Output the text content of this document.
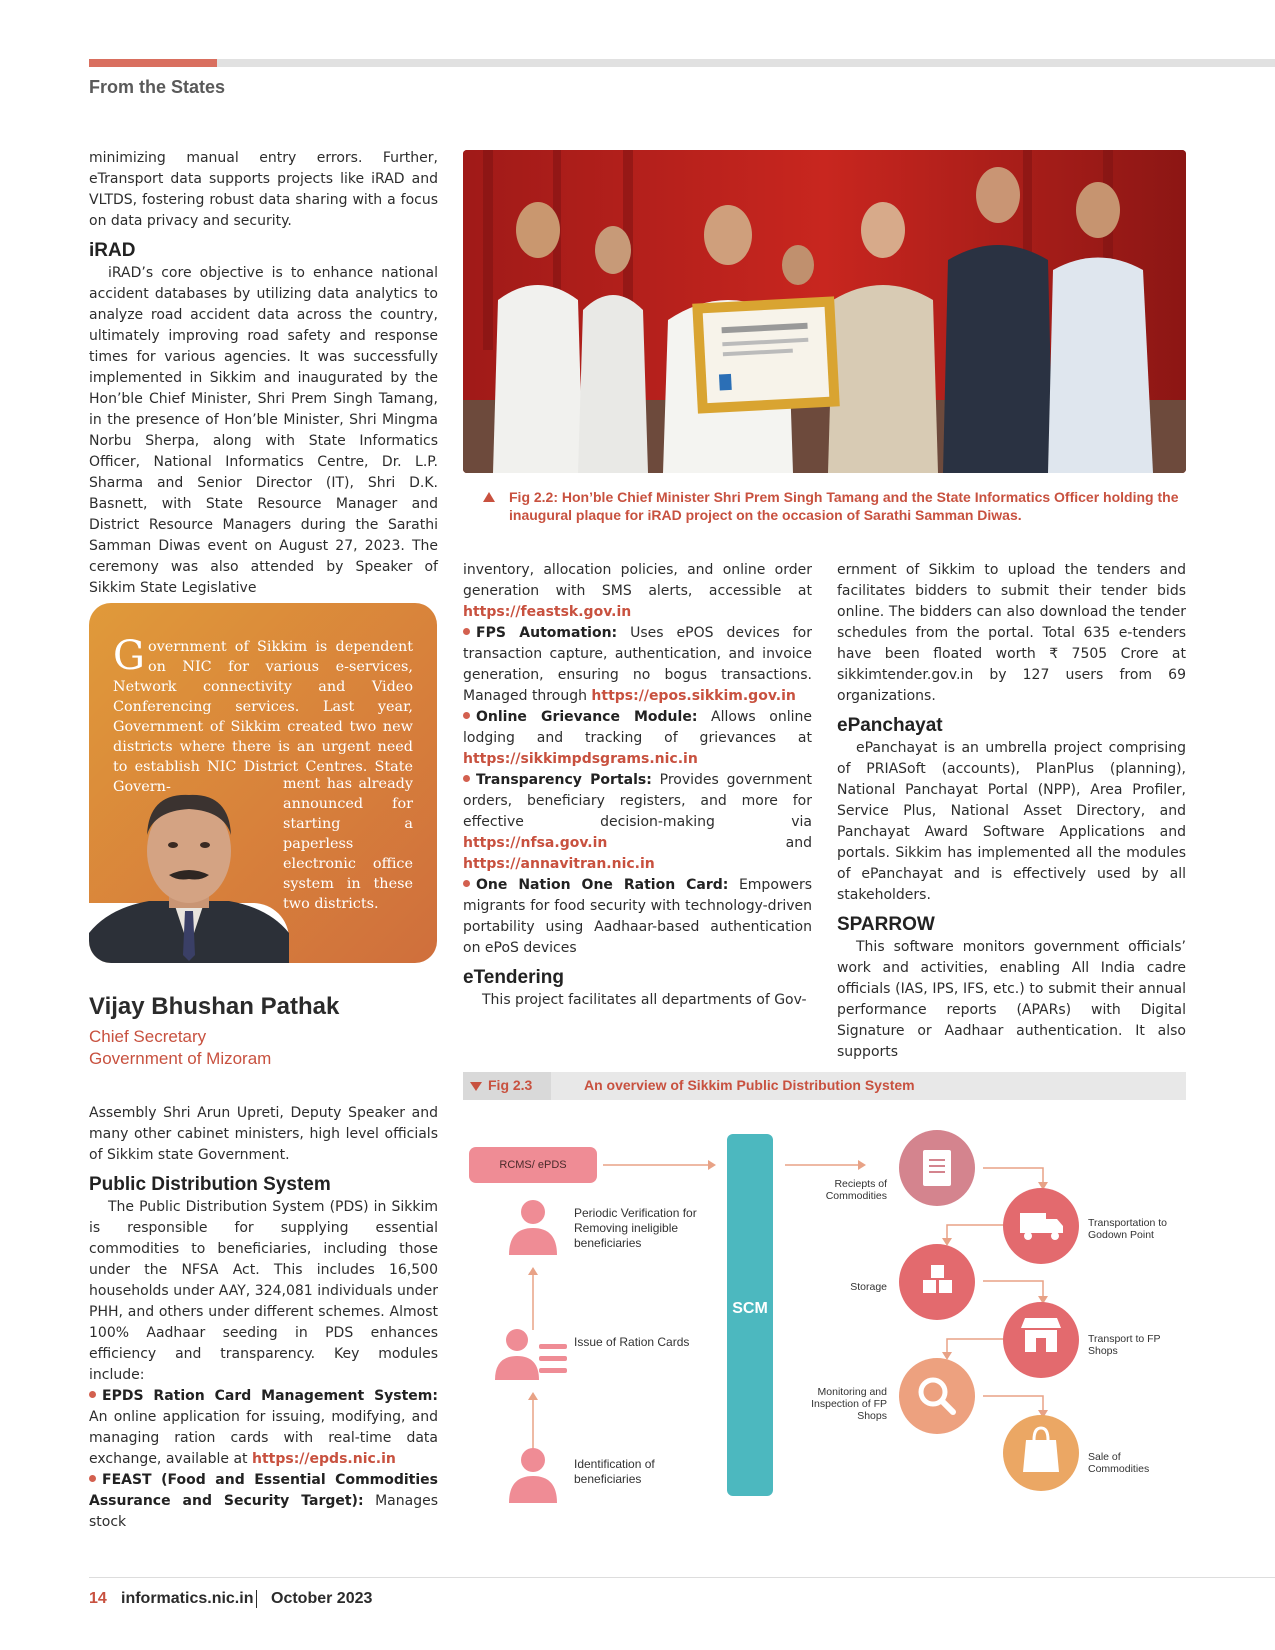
From the States

minimizing manual entry errors. Further, eTransport data supports projects like iRAD and VLTDS, fostering robust data sharing with a focus on data privacy and security.

iRAD

iRAD’s core objective is to enhance national accident databases by utilizing data analytics to analyze road accident data across the country, ultimately improving road safety and response times for various agencies. It was successfully implemented in Sikkim and inaugurated by the Hon’ble Chief Minister, Shri Prem Singh Tamang, in the presence of Hon’ble Minister, Shri Mingma Norbu Sherpa, along with State Informatics Officer, National Informatics Centre, Dr. L.P. Sharma and Senior Director (IT), Shri D.K. Basnett, with State Resource Manager and District Resource Managers during the Sarathi Samman Diwas event on August 27, 2023. The ceremony was also attended by Speaker of Sikkim State Legislative

Government of Sikkim is dependent on NIC for various e-services, Network connectivity and Video Conferencing services. Last year, Government of Sikkim created two new districts where there is an urgent need to establish NIC District Centres. State Govern-	ment has already announced for starting a paperless electronic office system in these two districts.
Vijay Bhushan Pathak
Chief Secretary
Government of Mizoram

Assembly Shri Arun Upreti, Deputy Speaker and many other cabinet ministers, high level officials of Sikkim state Government.

Public Distribution System

The Public Distribution System (PDS) in Sikkim is responsible for supplying essential commodities to beneficiaries, including those under the NFSA Act. This includes 16,500 households under AAY, 324,081 individuals under PHH, and others under different schemes. Almost 100% Aadhaar seeding in PDS enhances efficiency and transparency. Key modules include:

EPDS Ration Card Management System: An online application for issuing, modifying, and managing ration cards with real-time data exchange, available at https://epds.nic.in

FEAST (Food and Essential Commodities Assurance and Security Target): Manages stock

Fig 2.2: Hon’ble Chief Minister Shri Prem Singh Tamang and the State Informatics Officer holding the inaugural plaque for iRAD project on the occasion of Sarathi Samman Diwas.

inventory, allocation policies, and online order generation with SMS alerts, accessible at https://feastsk.gov.in

FPS Automation: Uses ePOS devices for transaction capture, authentication, and invoice generation, ensuring no bogus transactions. Managed through https://epos.sikkim.gov.in

Online Grievance Module: Allows online lodging and tracking of grievances at https://sikkimpdsgrams.nic.in

Transparency Portals: Provides government orders, beneficiary registers, and more for effective decision-making via https://nfsa.gov.in and https://annavitran.nic.in

One Nation One Ration Card: Empowers migrants for food security with technology-driven portability using Aadhaar-based authentication on ePoS devices

eTendering

This project facilitates all departments of Gov-

ernment of Sikkim to upload the tenders and facilitates bidders to submit their tender bids online. The bidders can also download the tender schedules from the portal. Total 635 e-tenders have been floated worth ₹ 7505 Crore at sikkimtender.gov.in by 127 users from 69 organizations.

ePanchayat

ePanchayat is an umbrella project comprising of PRIASoft (accounts), PlanPlus (planning), National Panchayat Portal (NPP), Area Profiler, Service Plus, National Asset Directory, and Panchayat Award Software Applications and portals. Sikkim has implemented all the modules of ePanchayat and is effectively used by all stakeholders.

SPARROW

This software monitors government officials’ work and activities, enabling All India cadre officials (IAS, IPS, IFS, etc.) to submit their annual performance reports (APARs) with Digital Signature or Aadhaar authentication. It also supports

Fig 2.3	An overview of Sikkim Public Distribution System
RCMS/ ePDS
SCM
Periodic Verification for Removing ineligible beneficiaries
Issue of Ration Cards
Identification of beneficiaries
Reciepts of Commodities
Transportation to Godown Point
Storage
Transport to FP Shops
Monitoring and Inspection of FP Shops
Sale of Commodities
14 informatics.nic.in October 2023
